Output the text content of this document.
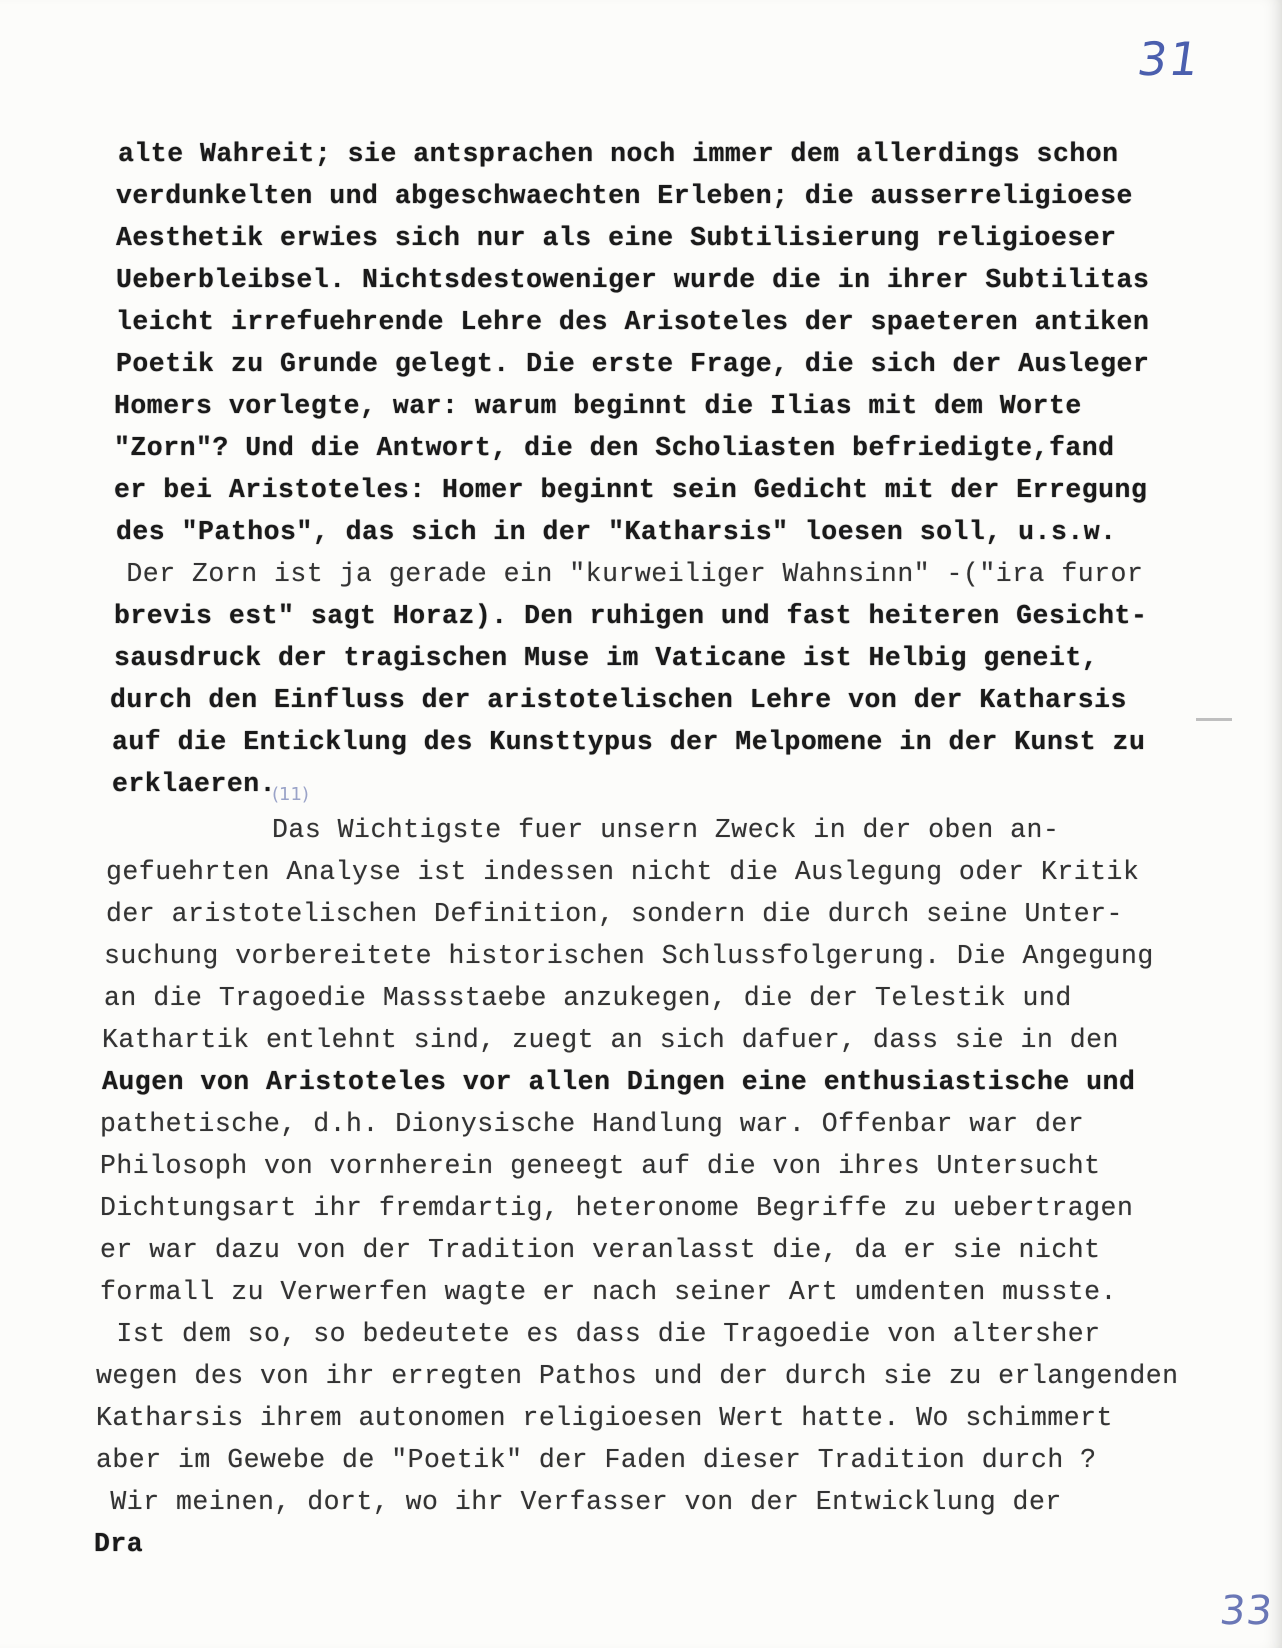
31
(11)
alte Wahreit; sie antsprachen noch immer dem allerdings schon
verdunkelten und abgeschwaechten Erleben; die ausserreligioese
Aesthetik erwies sich nur als eine Subtilisierung religioeser
Ueberbleibsel. Nichtsdestoweniger wurde die in ihrer Subtilitas
leicht irrefuehrende Lehre des Arisoteles der spaeteren antiken
Poetik zu Grunde gelegt. Die erste Frage, die sich der Ausleger
Homers vorlegte, war: warum beginnt die Ilias mit dem Worte
"Zorn"? Und die Antwort, die den Scholiasten befriedigte,fand
er bei Aristoteles: Homer beginnt sein Gedicht mit der Erregung
des "Pathos", das sich in der "Katharsis" loesen soll, u.s.w.
Der Zorn ist ja gerade ein "kurweiliger Wahnsinn" -("ira furor
brevis est" sagt Horaz). Den ruhigen und fast heiteren Gesicht-
sausdruck der tragischen Muse im Vaticane ist Helbig geneit,
durch den Einfluss der aristotelischen Lehre von der Katharsis
auf die Enticklung des Kunsttypus der Melpomene in der Kunst zu
erklaeren.
Das Wichtigste fuer unsern Zweck in der oben an-
gefuehrten Analyse ist indessen nicht die Auslegung oder Kritik
der aristotelischen Definition, sondern die durch seine Unter-
suchung vorbereitete historischen Schlussfolgerung. Die Angegung
an die Tragoedie Massstaebe anzukegen, die der Telestik und
Kathartik entlehnt sind, zuegt an sich dafuer, dass sie in den
Augen von Aristoteles vor allen Dingen eine enthusiastische und
pathetische, d.h. Dionysische Handlung war. Offenbar war der
Philosoph von vornherein geneegt auf die von ihres Untersucht
Dichtungsart ihr fremdartig, heteronome Begriffe zu uebertragen
er war dazu von der Tradition veranlasst die, da er sie nicht
formall zu Verwerfen wagte er nach seiner Art umdenten musste.
Ist dem so, so bedeutete es dass die Tragoedie von altersher
wegen des von ihr erregten Pathos und der durch sie zu erlangenden
Katharsis ihrem autonomen religioesen Wert hatte. Wo schimmert
aber im Gewebe de "Poetik" der Faden dieser Tradition durch ?
Wir meinen, dort, wo ihr Verfasser von der Entwicklung der
Dra
33
